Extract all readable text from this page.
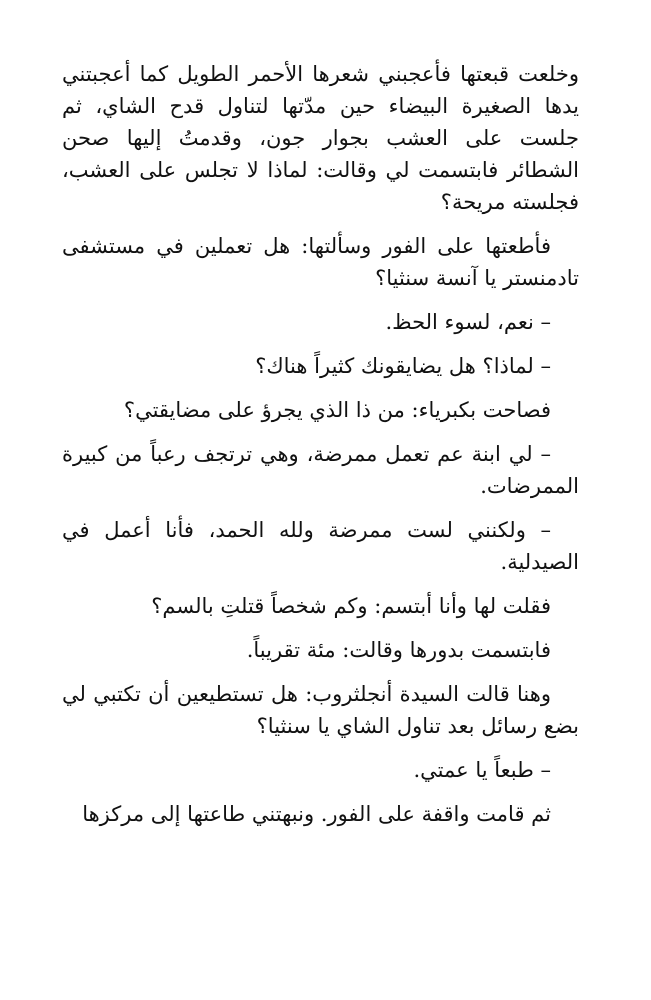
وخلعت قبعتها فأعجبني شعرها الأحمر الطويل كما أعجبتني يدها الصغيرة البيضاء حين مدّتها لتناول قدح الشاي، ثم جلست على العشب بجوار جون، وقدمتُ إليها صحن الشطائر فابتسمت لي وقالت: لماذا لا تجلس على العشب، فجلسته مريحة؟

فأطعتها على الفور وسألتها: هل تعملين في مستشفى تادمنستر يا آنسة سنثيا؟

– نعم، لسوء الحظ.

– لماذا؟ هل يضايقونك كثيراً هناك؟

فصاحت بكبرياء: من ذا الذي يجرؤ على مضايقتي؟

– لي ابنة عم تعمل ممرضة، وهي ترتجف رعباً من كبيرة الممرضات.

– ولكنني لست ممرضة ولله الحمد، فأنا أعمل في الصيدلية.

فقلت لها وأنا أبتسم: وكم شخصاً قتلتِ بالسم؟

فابتسمت بدورها وقالت: مئة تقريباً.

وهنا قالت السيدة أنجلثروب: هل تستطيعين أن تكتبي لي بضع رسائل بعد تناول الشاي يا سنثيا؟

– طبعاً يا عمتي.

ثم قامت واقفة على الفور. ونبهتني طاعتها إلى مركزها
